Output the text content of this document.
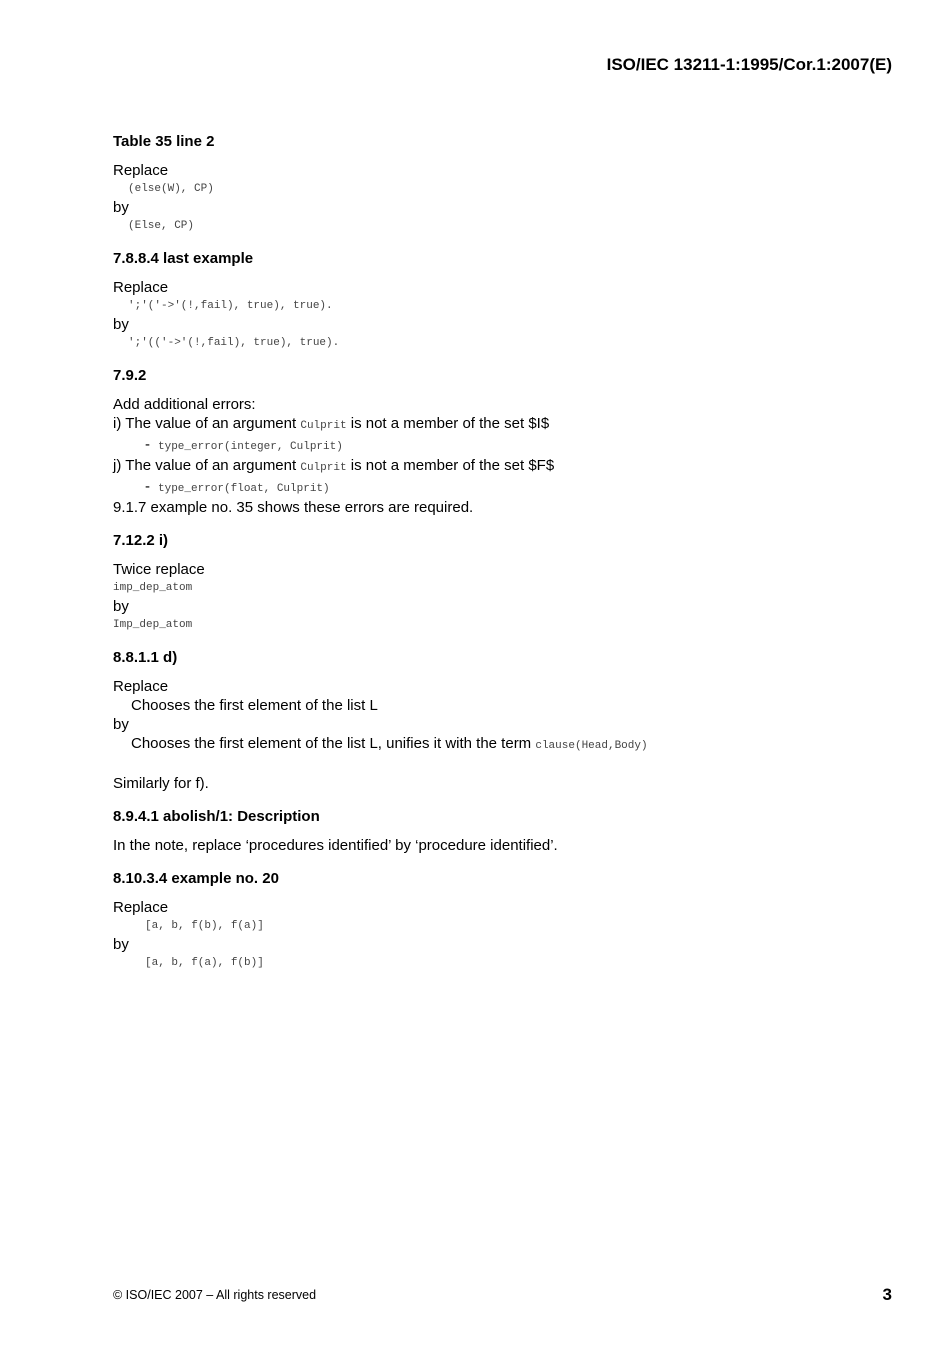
ISO/IEC 13211-1:1995/Cor.1:2007(E)
Table 35 line 2

Replace

(else(W), CP)

by

(Else, CP)

7.8.8.4 last example

Replace

';'('->'(!,fail), true), true).

by

';'(('->'(!,fail), true), true).

7.9.2

Add additional errors:

i) The value of an argument Culprit is not a member of the set $I$

- type_error(integer, Culprit)

j) The value of an argument Culprit is not a member of the set $F$

- type_error(float, Culprit)

9.1.7 example no. 35 shows these errors are required.

7.12.2 i)

Twice replace

imp_dep_atom

by

Imp_dep_atom

8.8.1.1 d)

Replace

Chooses the first element of the list L

by

Chooses the first element of the list L, unifies it with the term clause(Head,Body)

Similarly for f).

8.9.4.1 abolish/1: Description

In the note, replace ‘procedures identified’ by ‘procedure identified’.

8.10.3.4 example no. 20

Replace

[a, b, f(b), f(a)]

by

[a, b, f(a), f(b)]

© ISO/IEC 2007 – All rights reserved	3
